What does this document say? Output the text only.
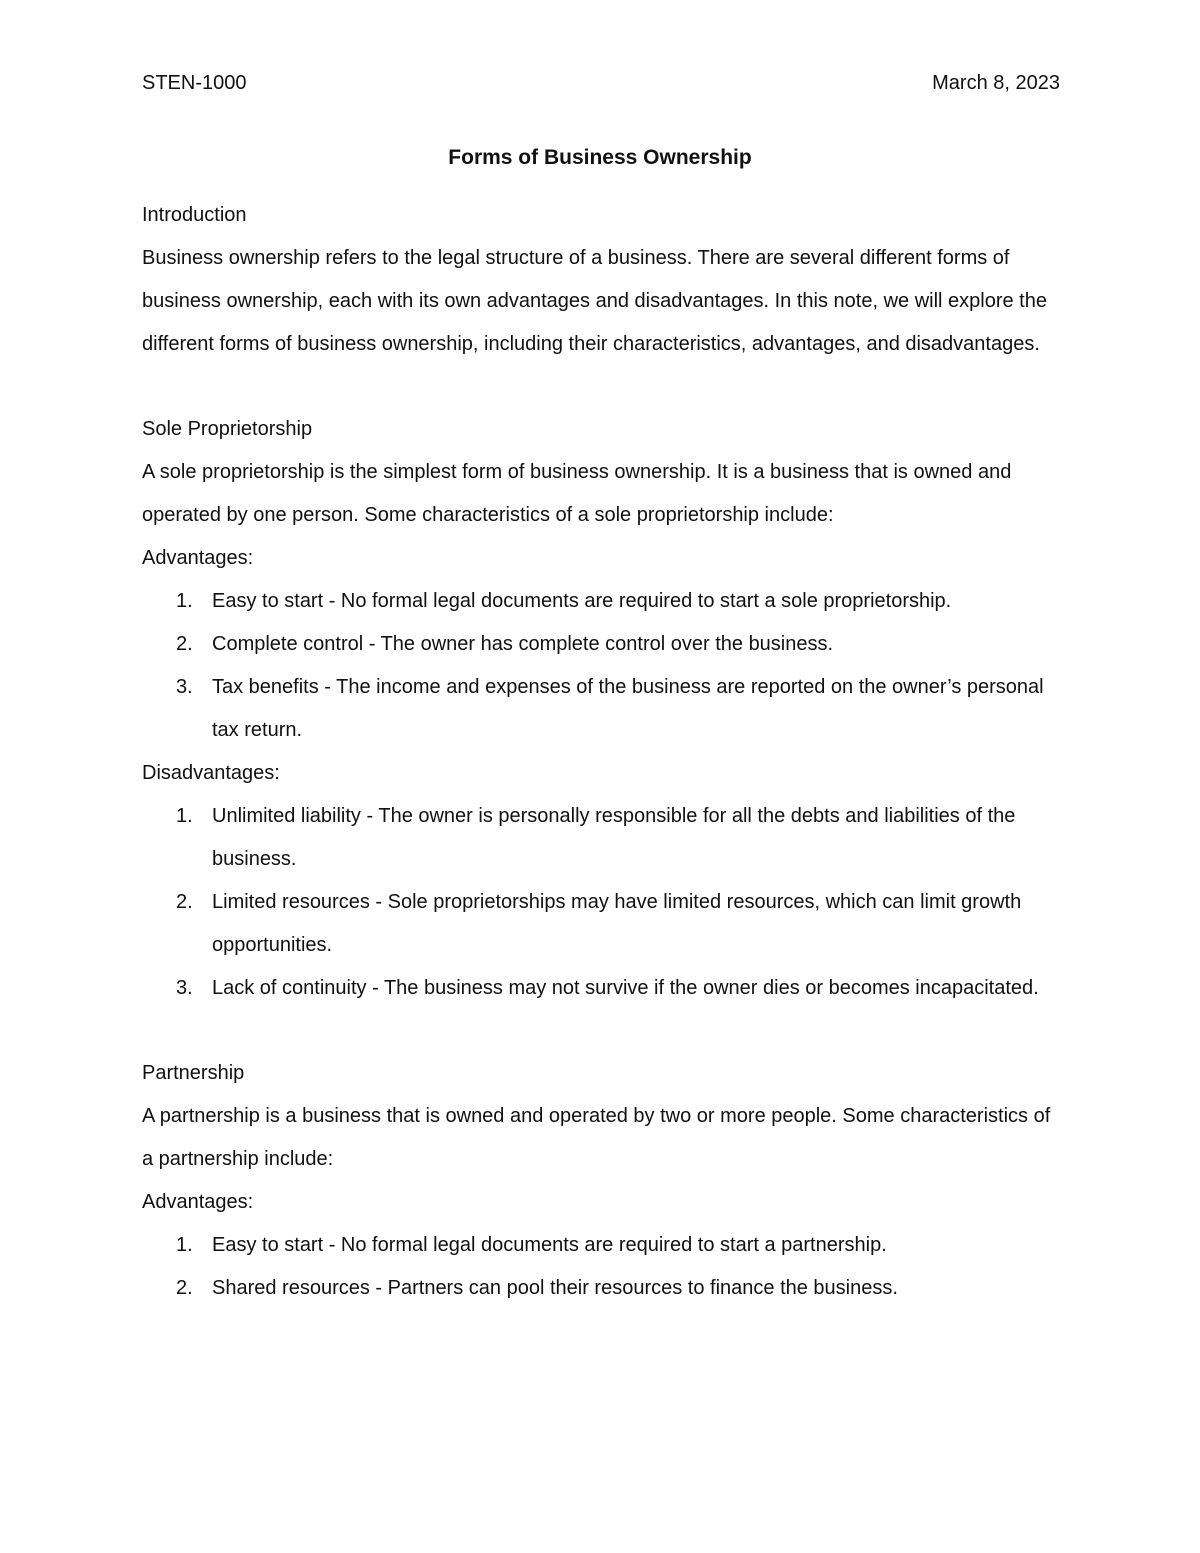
STEN-1000	March 8, 2023
Forms of Business Ownership

Introduction

Business ownership refers to the legal structure of a business. There are several different forms of business ownership, each with its own advantages and disadvantages. In this note, we will explore the different forms of business ownership, including their characteristics, advantages, and disadvantages.

Sole Proprietorship

A sole proprietorship is the simplest form of business ownership. It is a business that is owned and operated by one person. Some characteristics of a sole proprietorship include:

Advantages:

1. Easy to start - No formal legal documents are required to start a sole proprietorship.
2. Complete control - The owner has complete control over the business.
3. Tax benefits - The income and expenses of the business are reported on the owner’s personal tax return.

Disadvantages:

1. Unlimited liability - The owner is personally responsible for all the debts and liabilities of the business.
2. Limited resources - Sole proprietorships may have limited resources, which can limit growth opportunities.
3. Lack of continuity - The business may not survive if the owner dies or becomes incapacitated.

Partnership

A partnership is a business that is owned and operated by two or more people. Some characteristics of a partnership include:

Advantages:

1. Easy to start - No formal legal documents are required to start a partnership.
2. Shared resources - Partners can pool their resources to finance the business.
